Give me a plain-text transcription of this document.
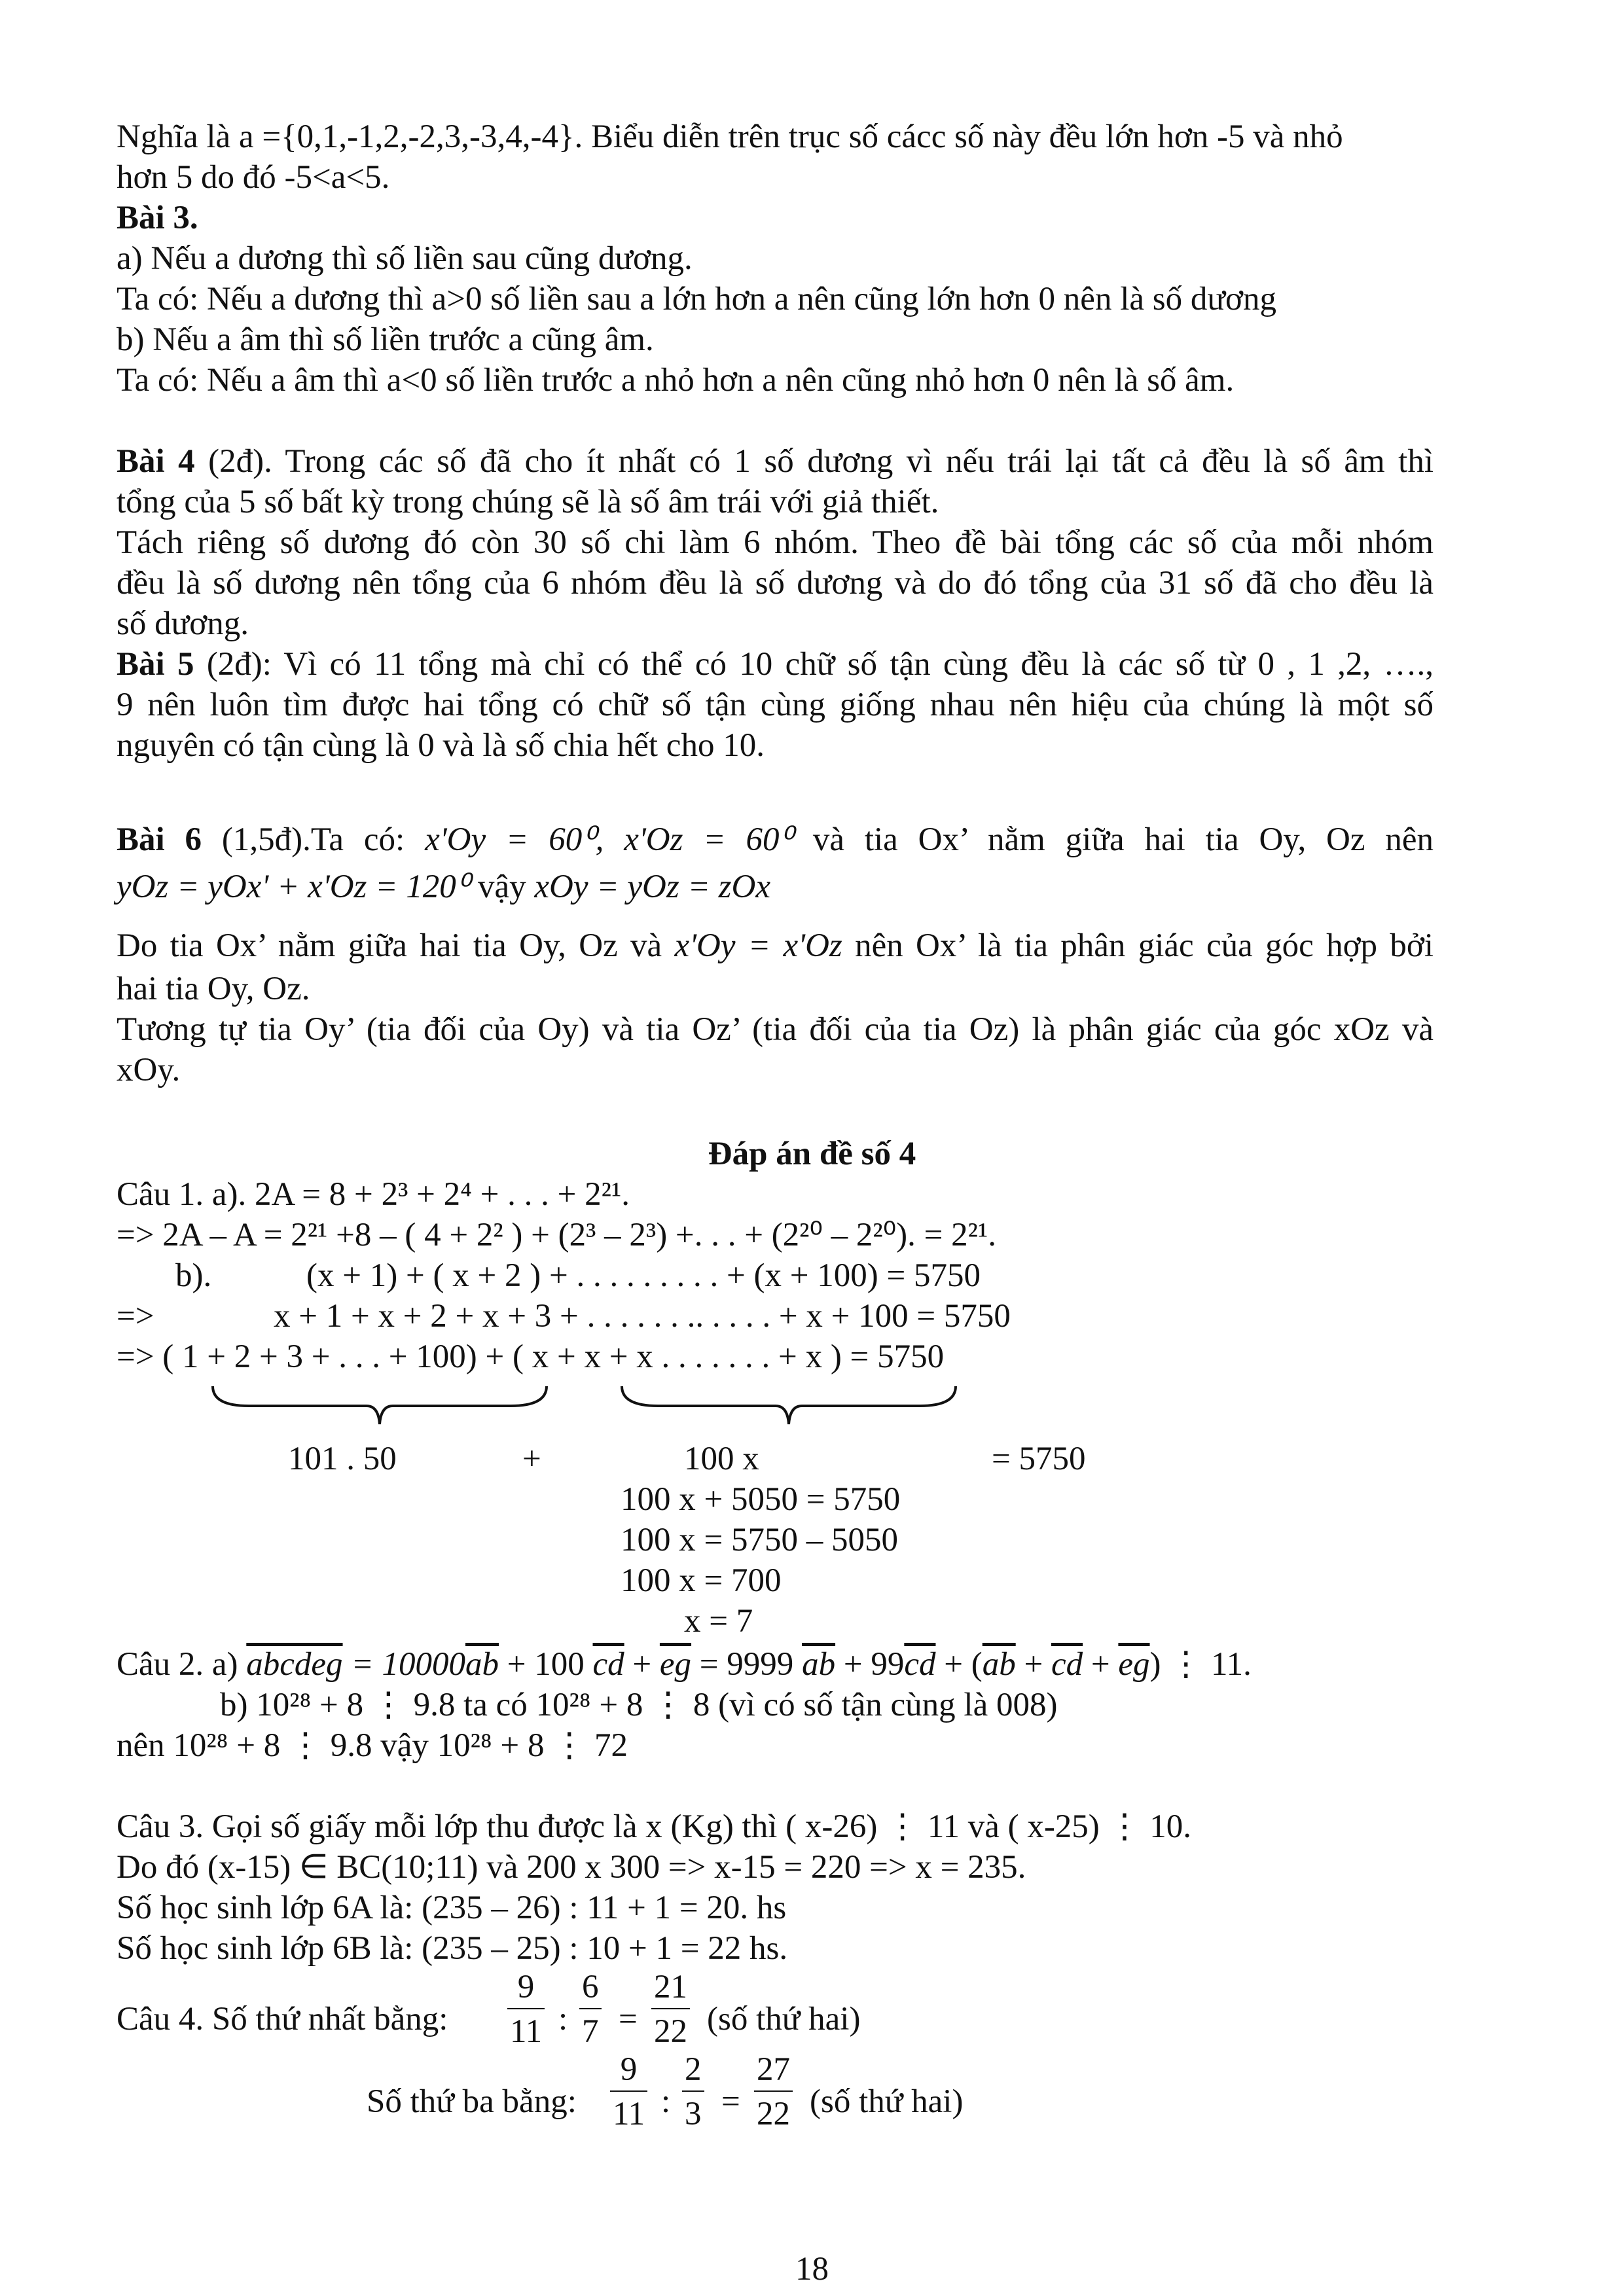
Nghĩa là a ={0,1,-1,2,-2,3,-3,4,-4}. Biểu diễn trên trục số cácc số này đều lớn hơn -5 và nhỏ
hơn 5 do đó -5<a<5.
Bài 3.
a) Nếu a dương thì số liền sau cũng dương.
Ta có: Nếu a dương thì a>0 số liền sau a lớn hơn a nên cũng lớn hơn 0 nên là số dương
b) Nếu a âm thì số liền trước a cũng âm.
Ta có: Nếu a âm thì a<0 số liền trước a nhỏ hơn a nên cũng nhỏ hơn 0 nên là số âm.
Bài 4 (2đ). Trong các số đã cho ít nhất có 1 số dương vì nếu trái lại tất cả đều là số âm thì
tổng của 5 số bất kỳ trong chúng sẽ là số âm trái với giả thiết.
Tách riêng số dương đó còn 30 số chi làm 6 nhóm. Theo đề bài tổng các số của mỗi nhóm
đều là số dương nên tổng của 6 nhóm đều là số dương và do đó tổng của 31 số đã cho đều là
số dương.
Bài 5 (2đ): Vì có 11 tổng mà chỉ có thể có 10 chữ số tận cùng đều là các số từ 0 , 1 ,2, ….,
9 nên luôn tìm được hai tổng có chữ số tận cùng giống nhau nên hiệu của chúng là một số
nguyên có tận cùng là 0 và là số chia hết cho 10.
Bài 6 (1,5đ).Ta có: x'Oy = 60⁰, x'Oz = 60⁰ và tia Ox’ nằm giữa hai tia Oy, Oz nên
yOz = yOx' + x'Oz = 120⁰ vậy xOy = yOz = zOx
Do tia Ox’ nằm giữa hai tia Oy, Oz và x'Oy = x'Oz nên Ox’ là tia phân giác của góc hợp bởi
hai tia Oy, Oz.
Tương tự tia Oy’ (tia đối của Oy) và tia Oz’ (tia đối của tia Oz) là phân giác của góc xOz và
xOy.
Đáp án đề số 4
Câu 1. a). 2A = 8 + 2³ + 2⁴ + . . . + 2²¹.
=> 2A – A = 2²¹ +8 – ( 4 + 2² ) + (2³ – 2³) +. . . + (2²⁰ – 2²⁰). = 2²¹.
b).	(x + 1) + ( x + 2 ) + . . . . . . . . . + (x + 100) = 5750
=>	x + 1 + x + 2 + x + 3 + . . . . . . .. . . . . + x + 100 = 5750
=> ( 1 + 2 + 3 + . . . + 100) + ( x + x + x . . . . . . . + x ) = 5750
101 . 50	+	100 x	= 5750
100 x + 5050 = 5750
100 x = 5750 – 5050
100 x = 700
x = 7
Câu 2. a) abcdeg = $10000\overline{ab} + 100$ $\overline{cd} + \overline{eg} = 9999$ $\overline{ab} + 99\overline{cd} + (\overline{ab} + \overline{cd} + \overline{eg})$ ⋮ 11.
b) 10²⁸ + 8 ⋮ 9.8 ta có 10²⁸ + 8 ⋮ 8 (vì có số tận cùng là 008)
nên 10²⁸ + 8 ⋮ 9.8 vậy 10²⁸ + 8 ⋮ 72
Câu 3. Gọi số giấy mỗi lớp thu được là x (Kg) thì ( x-26) ⋮ 11 và ( x-25) ⋮ 10.
Do đó (x-15) ∈ BC(10;11) và 200 x 300 => x-15 = 220 => x = 235.
Số học sinh lớp 6A là: (235 – 26) : 11 + 1 = 20. hs
Số học sinh lớp 6B là: (235 – 25) : 10 + 1 = 22 hs.
Câu 4. Số thứ nhất bằng: $\frac{9}{11}$ : $\frac{6}{7} = \frac{21}{22}$ (số thứ hai)
Số thứ ba bằng: $\frac{9}{11}$ : $\frac{2}{3} = \frac{27}{22}$ (số thứ hai)
18
